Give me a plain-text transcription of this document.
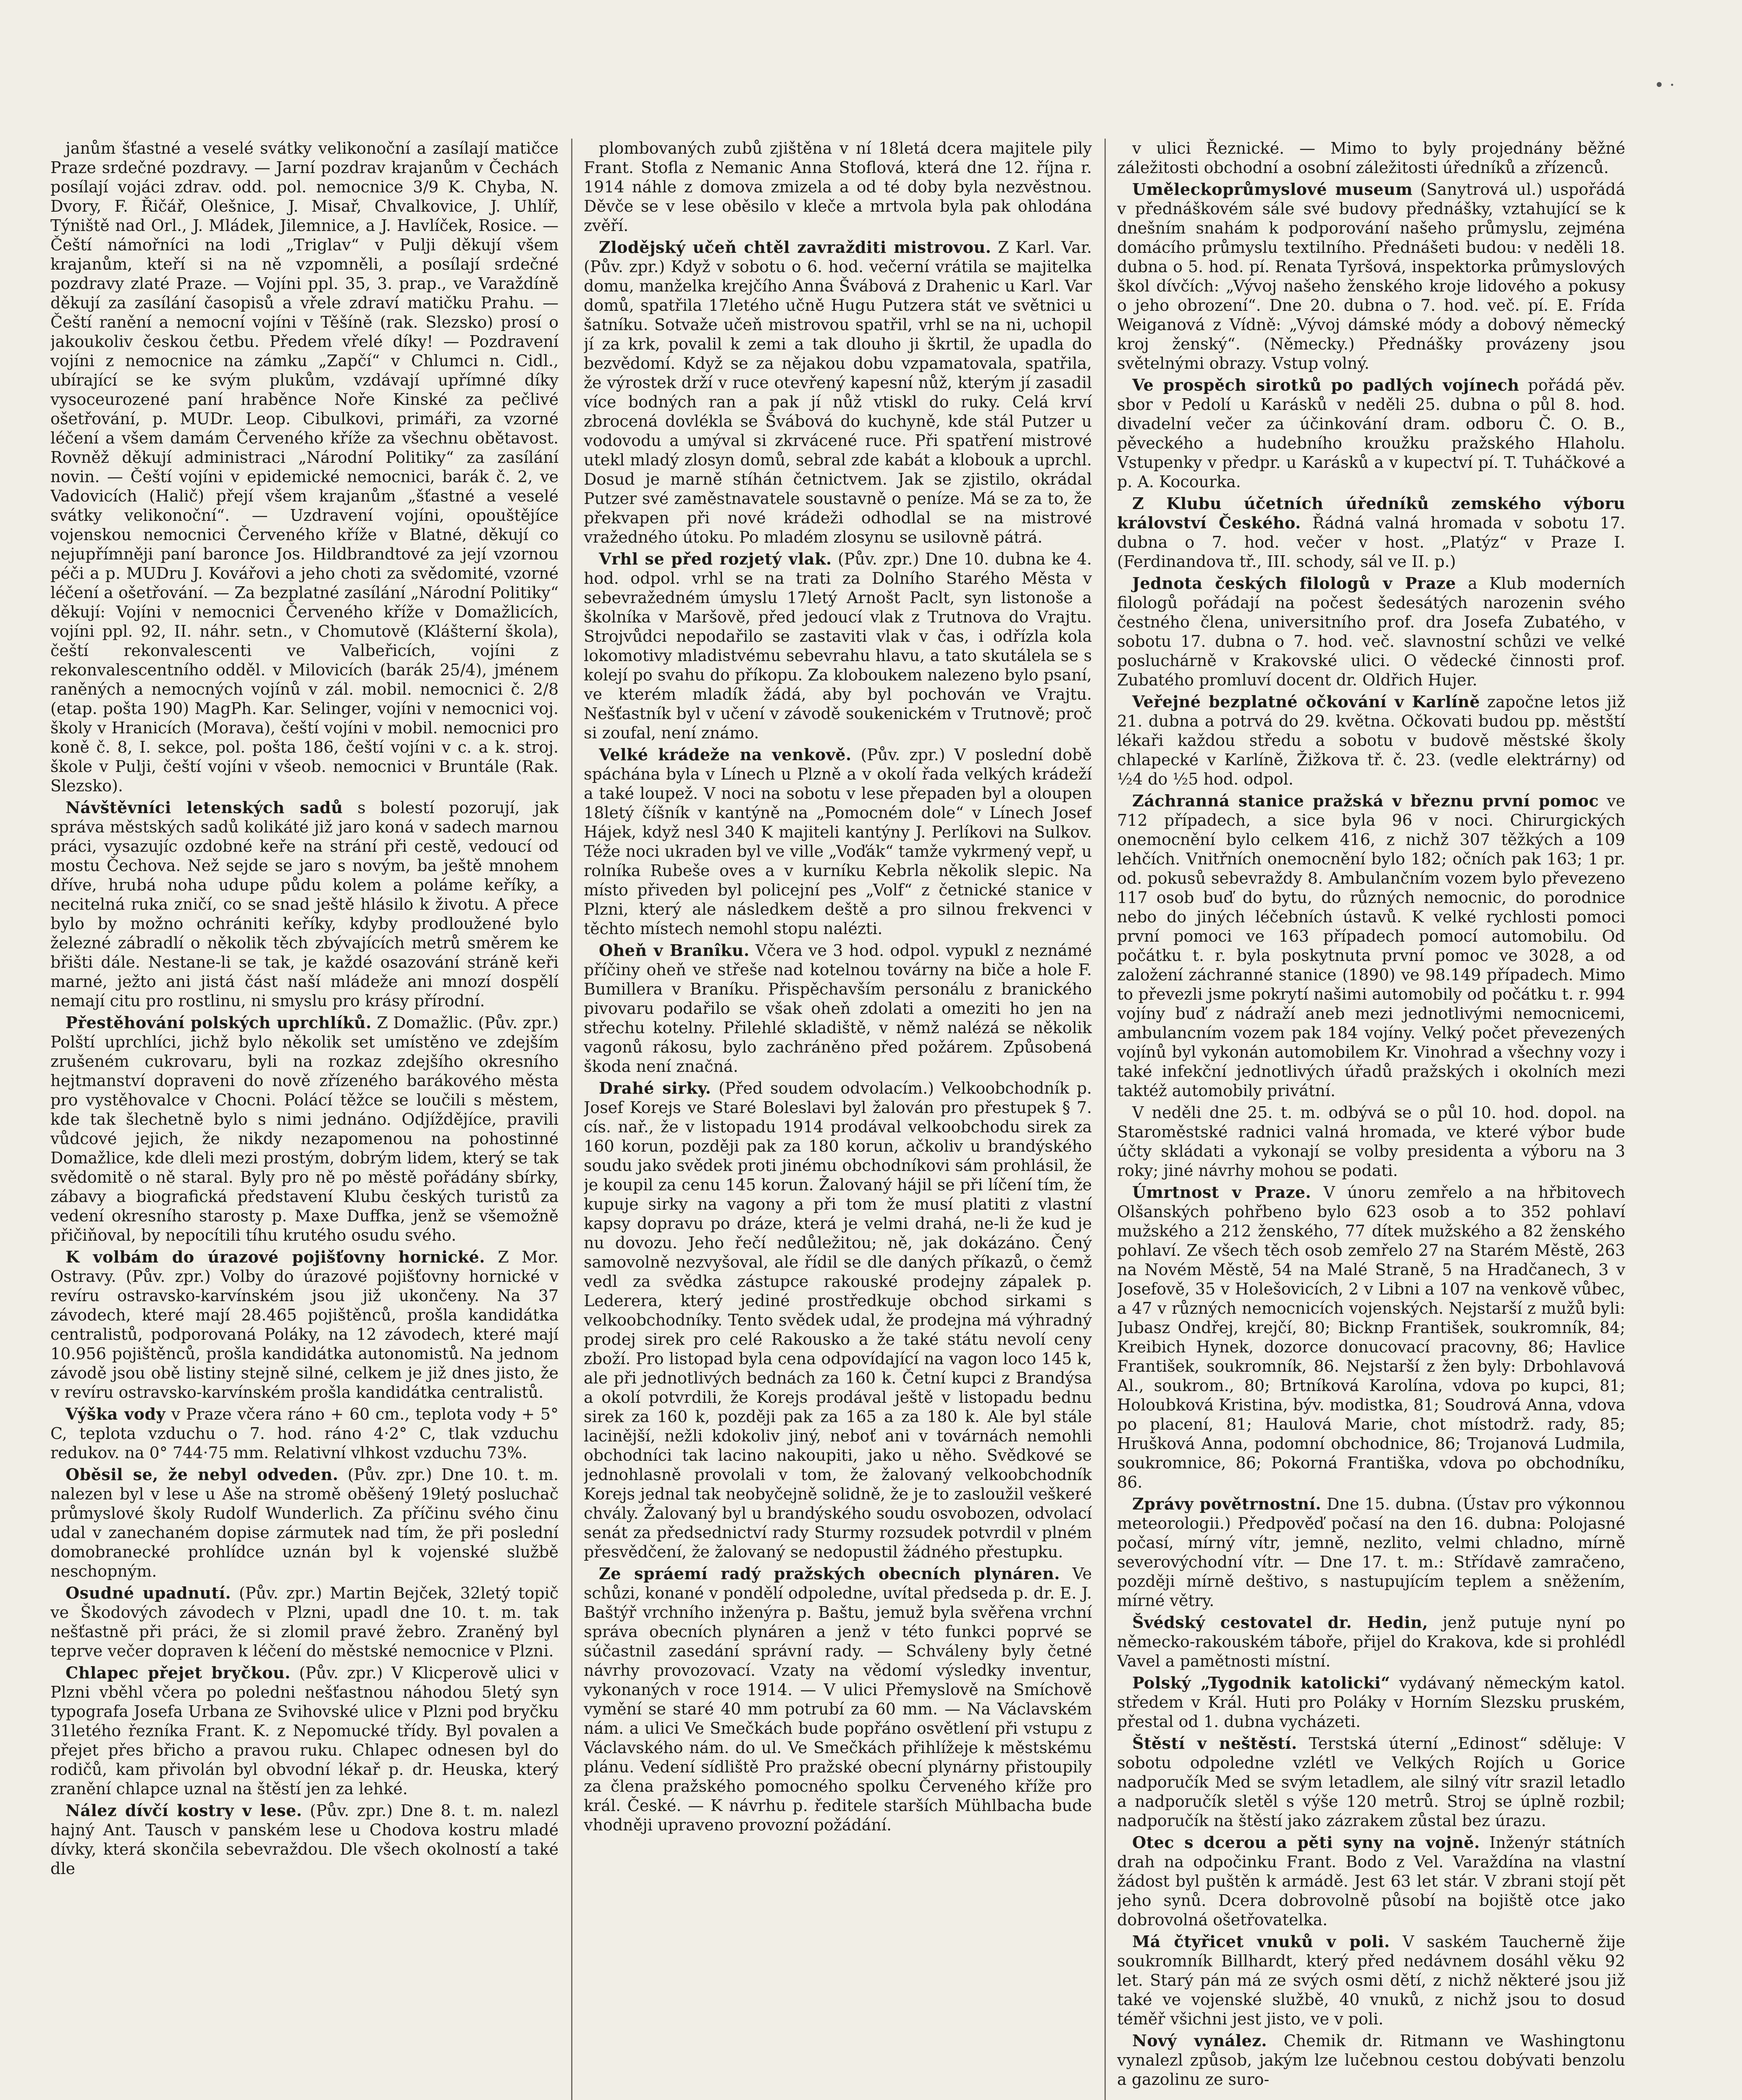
• ·

janům šťastné a veselé svátky velikonoční a zasílají matičce Praze srdečné pozdravy. — Jarní pozdrav krajanům v Čechách posílají vojáci zdrav. odd. pol. nemocnice 3/9 K. Chyba, N. Dvory, F. Řičář, Olešnice, J. Misař, Chvalkovice, J. Uhlíř, Týniště nad Orl., J. Mládek, Jilemnice, a J. Havlíček, Rosice. — Čeští námořníci na lodi „Triglav“ v Pulji děkují všem krajanům, kteří si na ně vzpomněli, a posílají srdečné pozdravy zlaté Praze. — Vojíni ppl. 35, 3. prap., ve Varaždíně děkují za zasílání časopisů a vřele zdraví matičku Prahu. — Čeští ranění a nemocní vojíni v Těšíně (rak. Slezsko) prosí o jakoukoliv českou četbu. Předem vřelé díky! — Pozdravení vojíni z nemocnice na zámku „Zapčí“ v Chlumci n. Cidl., ubírající se ke svým plukům, vzdávají upřímné díky vysoceurozené paní hraběnce Noře Kinské za pečlivé ošetřování, p. MUDr. Leop. Cibulkovi, primáři, za vzorné léčení a všem damám Červeného kříže za všechnu obětavost. Rovněž děkují administraci „Národní Politiky“ za zasílání novin. — Čeští vojíni v epidemické nemocnici, barák č. 2, ve Vadovicích (Halič) přejí všem krajanům „šťastné a veselé svátky velikonoční“. — Uzdravení vojíni, opouštějíce vojenskou nemocnici Červeného kříže v Blatné, děkují co nejupřímněji paní baronce Jos. Hildbrandtové za její vzornou péči a p. MUDru J. Kovářovi a jeho choti za svědomité, vzorné léčení a ošetřování. — Za bezplatné zasílání „Národní Politiky“ děkují: Vojíni v nemocnici Červeného kříže v Domažlicích, vojíni ppl. 92, II. náhr. setn., v Chomutově (Klášterní škola), čeští rekonvalescenti ve Valbeřicích, vojíni z rekonvalescentního odděl. v Milovicích (barák 25/4), jménem raněných a nemocných vojínů v zál. mobil. nemocnici č. 2/8 (etap. pošta 190) MagPh. Kar. Selinger, vojíni v nemocnici voj. školy v Hranicích (Morava), čeští vojíni v mobil. nemocnici pro koně č. 8, I. sekce, pol. pošta 186, čeští vojíni v c. a k. stroj. škole v Pulji, čeští vojíni v všeob. nemocnici v Bruntále (Rak. Slezsko).

Návštěvníci letenských sadů s bolestí pozorují, jak správa městských sadů kolikáté již jaro koná v sadech marnou práci, vysazujíc ozdobné keře na strání při cestě, vedoucí od mostu Čechova. Než sejde se jaro s novým, ba ještě mnohem dříve, hrubá noha udupe půdu kolem a poláme keříky, a necitelná ruka zničí, co se snad ještě hlásilo k životu. A přece bylo by možno ochrániti keříky, kdyby prodloužené bylo železné zábradlí o několik těch zbývajících metrů směrem ke břišti dále. Nestane-li se tak, je každé osazování stráně keři marné, ježto ani jistá část naší mládeže ani mnozí dospělí nemají citu pro rostlinu, ni smyslu pro krásy přírodní.

Přestěhování polských uprchlíků. Z Domažlic. (Pův. zpr.) Polští uprchlíci, jichž bylo několik set umístěno ve zdejším zrušeném cukrovaru, byli na rozkaz zdejšího okresního hejtmanství dopraveni do nově zřízeného barákového města pro vystěhovalce v Chocni. Polácí těžce se loučili s městem, kde tak šlechetně bylo s nimi jednáno. Odjíždějíce, pravili vůdcové jejich, že nikdy nezapomenou na pohostinné Domažlice, kde dleli mezi prostým, dobrým lidem, který se tak svědomitě o ně staral. Byly pro ně po městě pořádány sbírky, zábavy a biografická představení Klubu českých turistů za vedení okresního starosty p. Maxe Duffka, jenž se všemožně přičiňoval, by nepocítili tíhu krutého osudu svého.

K volbám do úrazové pojišťovny hornické. Z Mor. Ostravy. (Pův. zpr.) Volby do úrazové pojišťovny hornické v revíru ostravsko-karvínském jsou již ukončeny. Na 37 závodech, které mají 28.465 pojištěnců, prošla kandidátka centralistů, podporovaná Poláky, na 12 závodech, které mají 10.956 pojištěnců, prošla kandidátka autonomistů. Na jednom závodě jsou obě listiny stejně silné, celkem je již dnes jisto, že v revíru ostravsko-karvínském prošla kandidátka centralistů.

Výška vody v Praze včera ráno + 60 cm., teplota vody + 5° C, teplota vzduchu o 7. hod. ráno 4·2° C, tlak vzduchu redukov. na 0° 744·75 mm. Relativní vlhkost vzduchu 73%.

Oběsil se, že nebyl odveden. (Pův. zpr.) Dne 10. t. m. nalezen byl v lese u Aše na stromě oběšený 19letý posluchač průmyslové školy Rudolf Wunderlich. Za příčinu svého činu udal v zanechaném dopise zármutek nad tím, že při poslední domobranecké prohlídce uznán byl k vojenské službě neschopným.

Osudné upadnutí. (Pův. zpr.) Martin Bejček, 32letý topič ve Škodových závodech v Plzni, upadl dne 10. t. m. tak nešťastně při práci, že si zlomil pravé žebro. Zraněný byl teprve večer dopraven k léčení do městské nemocnice v Plzni.

Chlapec přejet bryčkou. (Pův. zpr.) V Klicperově ulici v Plzni vběhl včera po poledni nešťastnou náhodou 5letý syn typografa Josefa Urbana ze Svihovské ulice v Plzni pod bryčku 31letého řezníka Frant. K. z Nepomucké třídy. Byl povalen a přejet přes břicho a pravou ruku. Chlapec odnesen byl do rodičů, kam přivolán byl obvodní lékař p. dr. Heuska, který zranění chlapce uznal na štěstí jen za lehké.

Nález dívčí kostry v lese. (Pův. zpr.) Dne 8. t. m. nalezl hajný Ant. Tausch v panském lese u Chodova kostru mladé dívky, která skončila sebevraždou. Dle všech okolností a také dle

plombovaných zubů zjištěna v ní 18letá dcera majitele pily Frant. Stofla z Nemanic Anna Stoflová, která dne 12. října r. 1914 náhle z domova zmizela a od té doby byla nezvěstnou. Děvče se v lese oběsilo v kleče a mrtvola byla pak ohlodána zvěří.

Zlodějský učeň chtěl zavražditi mistrovou. Z Karl. Var. (Pův. zpr.) Když v sobotu o 6. hod. večerní vrátila se majitelka domu, manželka krejčího Anna Švábová z Drahenic u Karl. Var domů, spatřila 17letého učně Hugu Putzera stát ve světnici u šatníku. Sotvaže učeň mistrovou spatřil, vrhl se na ni, uchopil jí za krk, povalil k zemi a tak dlouho ji škrtil, že upadla do bezvědomí. Když se za nějakou dobu vzpamatovala, spatřila, že výrostek drží v ruce otevřený kapesní nůž, kterým jí zasadil více bodných ran a pak jí nůž vtiskl do ruky. Celá krví zbrocená dovlékla se Švábová do kuchyně, kde stál Putzer u vodovodu a umýval si zkrvácené ruce. Při spatření mistrové utekl mladý zlosyn domů, sebral zde kabát a klobouk a uprchl. Dosud je marně stíhán četnictvem. Jak se zjistilo, okrádal Putzer své zaměstnavatele soustavně o peníze. Má se za to, že překvapen při nové krádeži odhodlal se na mistrové vražedného útoku. Po mladém zlosynu se usilovně pátrá.

Vrhl se před rozjetý vlak. (Pův. zpr.) Dne 10. dubna ke 4. hod. odpol. vrhl se na trati za Dolního Starého Města v sebevražedném úmyslu 17letý Arnošt Paclt, syn listonoše a školníka v Maršově, před jedoucí vlak z Trutnova do Vrajtu. Strojvůdci nepodařilo se zastaviti vlak v čas, i odřízla kola lokomotivy mladistvému sebevrahu hlavu, a tato skutálela se s kolejí po svahu do příkopu. Za kloboukem nalezeno bylo psaní, ve kterém mladík žádá, aby byl pochován ve Vrajtu. Nešťastník byl v učení v závodě soukenickém v Trutnově; proč si zoufal, není známo.

Velké krádeže na venkově. (Pův. zpr.) V poslední době spáchána byla v Línech u Plzně a v okolí řada velkých krádeží a také loupež. V noci na sobotu v lese přepaden byl a oloupen 18letý číšník v kantýně na „Pomocném dole“ v Línech Josef Hájek, když nesl 340 K majiteli kantýny J. Perlíkovi na Sulkov. Téže noci ukraden byl ve ville „Voďák“ tamže vykrmený vepř, u rolníka Rubeše oves a v kurníku Kebrla několik slepic. Na místo přiveden byl policejní pes „Volf“ z četnické stanice v Plzni, který ale následkem deště a pro silnou frekvenci v těchto místech nemohl stopu nalézti.

Oheň v Branîku. Včera ve 3 hod. odpol. vypukl z neznámé příčiny oheň ve střeše nad kotelnou továrny na biče a hole F. Bumillera v Braníku. Přispěchavším personálu z branického pivovaru podařilo se však oheň zdolati a omeziti ho jen na střechu kotelny. Přilehlé skladiště, v němž nalézá se několik vagonů rákosu, bylo zachráněno před požárem. Způsobená škoda není značná.

Drahé sirky. (Před soudem odvolacím.) Velkoobchodník p. Josef Korejs ve Staré Boleslavi byl žalován pro přestupek § 7. cís. nař., že v listopadu 1914 prodával velkoobchodu sirek za 160 korun, později pak za 180 korun, ačkoliv u brandýského soudu jako svědek proti jinému obchodníkovi sám prohlásil, že je koupil za cenu 145 korun. Žalovaný hájil se při líčení tím, že kupuje sirky na vagony a při tom že musí platiti z vlastní kapsy dopravu po dráze, která je velmi drahá, ne-li že kud je nu dovozu. Jeho řečí nedůležitou; ně, jak dokázáno. Čený samovolně nezvyšoval, ale řídil se dle daných příkazů, o čemž vedl za svědka zástupce rakouské prodejny zápalek p. Lederera, který jediné prostředkuje obchod sirkami s velkoobchodníky. Tento svědek udal, že prodejna má výhradný prodej sirek pro celé Rakousko a že také státu nevolí ceny zboží. Pro listopad byla cena odpovídající na vagon loco 145 k, ale při jednotlivých bednách za 160 k. Četní kupci z Brandýsa a okolí potvrdili, že Korejs prodával ještě v listopadu bednu sirek za 160 k, později pak za 165 a za 180 k. Ale byl stále lacinější, nežli kdokoliv jiný, neboť ani v továrnách nemohli obchodníci tak lacino nakoupiti, jako u něho. Svědkové se jednohlasně provolali v tom, že žalovaný velkoobchodník Korejs jednal tak neobyčejně solidně, že je to zasloužil veškeré chvály. Žalovaný byl u brandýského soudu osvobozen, odvolací senát za předsednictví rady Sturmy rozsudek potvrdil v plném přesvědčení, že žalovaný se nedopustil žádného přestupku.

Ze spráemí radý pražských obecních plynáren. Ve schůzi, konané v pondělí odpoledne, uvítal předseda p. dr. E. J. Baštýř vrchního inženýra p. Baštu, jemuž byla svěřena vrchní správa obecních plynáren a jenž v této funkci poprvé se súčastnil zasedání správní rady. — Schváleny byly četné návrhy provozovací. Vzaty na vědomí výsledky inventur, vykonaných v roce 1914. — V ulici Přemyslově na Smíchově vymění se staré 40 mm potrubí za 60 mm. — Na Václavském nám. a ulici Ve Smečkách bude popřáno osvětlení při vstupu z Václavského nám. do ul. Ve Smečkách přihlížeje k městskému plánu. Vedení sídliště Pro pražské obecní plynárny přistoupily za člena pražského pomocného spolku Červeného kříže pro král. České. — K návrhu p. ředitele starších Mühlbacha bude vhodněji upraveno provozní požádání.

v ulici Řeznické. — Mimo to byly projednány běžné záležitosti obchodní a osobní záležitosti úředníků a zřízenců.

Uměleckoprůmyslové museum (Sanytrová ul.) uspořádá v přednáškovém sále své budovy přednášky, vztahující se k dnešním snahám k podporování našeho průmyslu, zejména domácího průmyslu textilního. Přednášeti budou: v neděli 18. dubna o 5. hod. pí. Renata Tyršová, inspektorka průmyslových škol dívčích: „Vývoj našeho ženského kroje lidového a pokusy o jeho obrození“. Dne 20. dubna o 7. hod. več. pí. E. Frída Weiganová z Vídně: „Vývoj dámské módy a dobový německý kroj ženský“. (Německy.) Přednášky provázeny jsou světelnými obrazy. Vstup volný.

Ve prospěch sirotků po padlých vojínech pořádá pěv. sbor v Pedolí u Karásků v neděli 25. dubna o půl 8. hod. divadelní večer za účinkování dram. odboru Č. O. B., pěveckého a hudebního kroužku pražského Hlaholu. Vstupenky v předpr. u Karásků a v kupectví pí. T. Tuháčkové a p. A. Kocourka.

Z Klubu účetních úředníků zemského výboru království Českého. Řádná valná hromada v sobotu 17. dubna o 7. hod. večer v host. „Platýz“ v Praze I. (Ferdinandova tř., III. schody, sál ve II. p.)

Jednota českých filologů v Praze a Klub moderních filologů pořádají na počest šedesátých narozenin svého čestného člena, universitního prof. dra Josefa Zubatého, v sobotu 17. dubna o 7. hod. več. slavnostní schůzi ve velké posluchárně v Krakovské ulici. O vědecké činnosti prof. Zubatého promluví docent dr. Oldřich Hujer.

Veřejné bezplatné očkování v Karlíně započne letos již 21. dubna a potrvá do 29. května. Očkovati budou pp. městští lékaři každou středu a sobotu v budově městské školy chlapecké v Karlíně, Žižkova tř. č. 23. (vedle elektrárny) od ½4 do ½5 hod. odpol.

Záchranná stanice pražská v březnu první pomoc ve 712 případech, a sice byla 96 v noci. Chirurgických onemocnění bylo celkem 416, z nichž 307 těžkých a 109 lehčích. Vnitřních onemocnění bylo 182; očních pak 163; 1 pr. od. pokusů sebevraždy 8. Ambulančním vozem bylo převezeno 117 osob buď do bytu, do různých nemocnic, do porodnice nebo do jiných léčebních ústavů. K velké rychlosti pomoci první pomoci ve 163 případech pomocí automobilu. Od počátku t. r. byla poskytnuta první pomoc ve 3028, a od založení záchranné stanice (1890) ve 98.149 případech. Mimo to převezli jsme pokrytí našimi automobily od počátku t. r. 994 vojíny buď z nádraží aneb mezi jednotlivými nemocnicemi, ambulancním vozem pak 184 vojíny. Velký počet převezených vojínů byl vykonán automobilem Kr. Vinohrad a všechny vozy i také infekční jednotlivých úřadů pražských i okolních mezi taktéž automobily privátní.

V neděli dne 25. t. m. odbývá se o půl 10. hod. dopol. na Staroměstské radnici valná hromada, ve které výbor bude účty skládati a vykonají se volby presidenta a výboru na 3 roky; jiné návrhy mohou se podati.

Úmrtnost v Praze. V únoru zemřelo a na hřbitovech Olšanských pohřbeno bylo 623 osob a to 352 pohlaví mužského a 212 ženského, 77 dítek mužského a 82 ženského pohlaví. Ze všech těch osob zemřelo 27 na Starém Městě, 263 na Novém Městě, 54 na Malé Straně, 5 na Hradčanech, 3 v Josefově, 35 v Holešovicích, 2 v Libni a 107 na venkově vůbec, a 47 v různých nemocnicích vojenských. Nejstarší z mužů byli: Jubasz Ondřej, krejčí, 80; Bicknp František, soukromník, 84; Kreibich Hynek, dozorce donucovací pracovny, 86; Havlice František, soukromník, 86. Nejstarší z žen byly: Drbohlavová Al., soukrom., 80; Brtníková Karolína, vdova po kupci, 81; Holoubková Kristina, býv. modistka, 81; Soudrová Anna, vdova po placení, 81; Haulová Marie, chot místodrž. rady, 85; Hrušková Anna, podomní obchodnice, 86; Trojanová Ludmila, soukromnice, 86; Pokorná Františka, vdova po obchodníku, 86.

Zprávy povětrnostní. Dne 15. dubna. (Ústav pro výkonnou meteorologii.) Předpověď počasí na den 16. dubna: Polojasné počasí, mírný vítr, jemně, nezlito, velmi chladno, mírně severovýchodní vítr. — Dne 17. t. m.: Střídavě zamračeno, později mírně deštivo, s nastupujícím teplem a sněžením, mírné větry.

Švédský cestovatel dr. Hedin, jenž putuje nyní po německo-rakouském táboře, přijel do Krakova, kde si prohlédl Vavel a pamětnosti místní.

Polský „Tygodnik katolicki“ vydávaný německým katol. středem v Král. Huti pro Poláky v Horním Slezsku pruském, přestal od 1. dubna vycházeti.

Štěstí v neštěstí. Terstská úterní „Edinost“ sděluje: V sobotu odpoledne vzlétl ve Velkých Rojích u Gorice nadporučík Med se svým letadlem, ale silný vítr srazil letadlo a nadporučík sletěl s výše 120 metrů. Stroj se úplně rozbil; nadporučík na štěstí jako zázrakem zůstal bez úrazu.

Otec s dcerou a pěti syny na vojně. Inženýr státních drah na odpočinku Frant. Bodo z Vel. Varaždína na vlastní žádost byl puštěn k armádě. Jest 63 let stár. V zbrani stojí pět jeho synů. Dcera dobrovolně působí na bojiště otce jako dobrovolná ošetřovatelka.

Má čtyřicet vnuků v poli. V saském Taucherně žije soukromník Billhardt, který před nedávnem dosáhl věku 92 let. Starý pán má ze svých osmi dětí, z nichž některé jsou již také ve vojenské službě, 40 vnuků, z nichž jsou to dosud téměř všichni jest jisto, ve v poli.

Nový vynález. Chemik dr. Ritmann ve Washingtonu vynalezl způsob, jakým lze lučebnou cestou dobývati benzolu a gazolinu ze suro-
